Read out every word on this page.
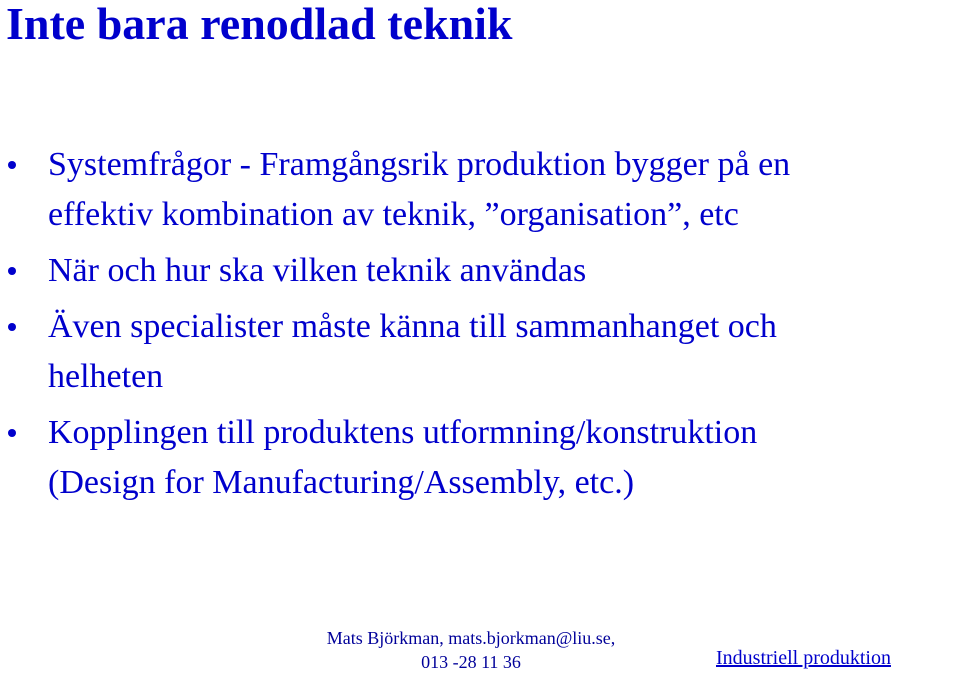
Inte bara renodlad teknik
Systemfrågor - Framgångsrik produktion bygger på en
effektiv kombination av teknik, ”organisation”, etc
När och hur ska vilken teknik användas
Även specialister måste känna till sammanhanget och
helheten
Kopplingen till produktens utformning/konstruktion
(Design for Manufacturing/Assembly, etc.)
Mats Björkman, mats.bjorkman@liu.se,
013 -28 11 36	Industriell produktion
